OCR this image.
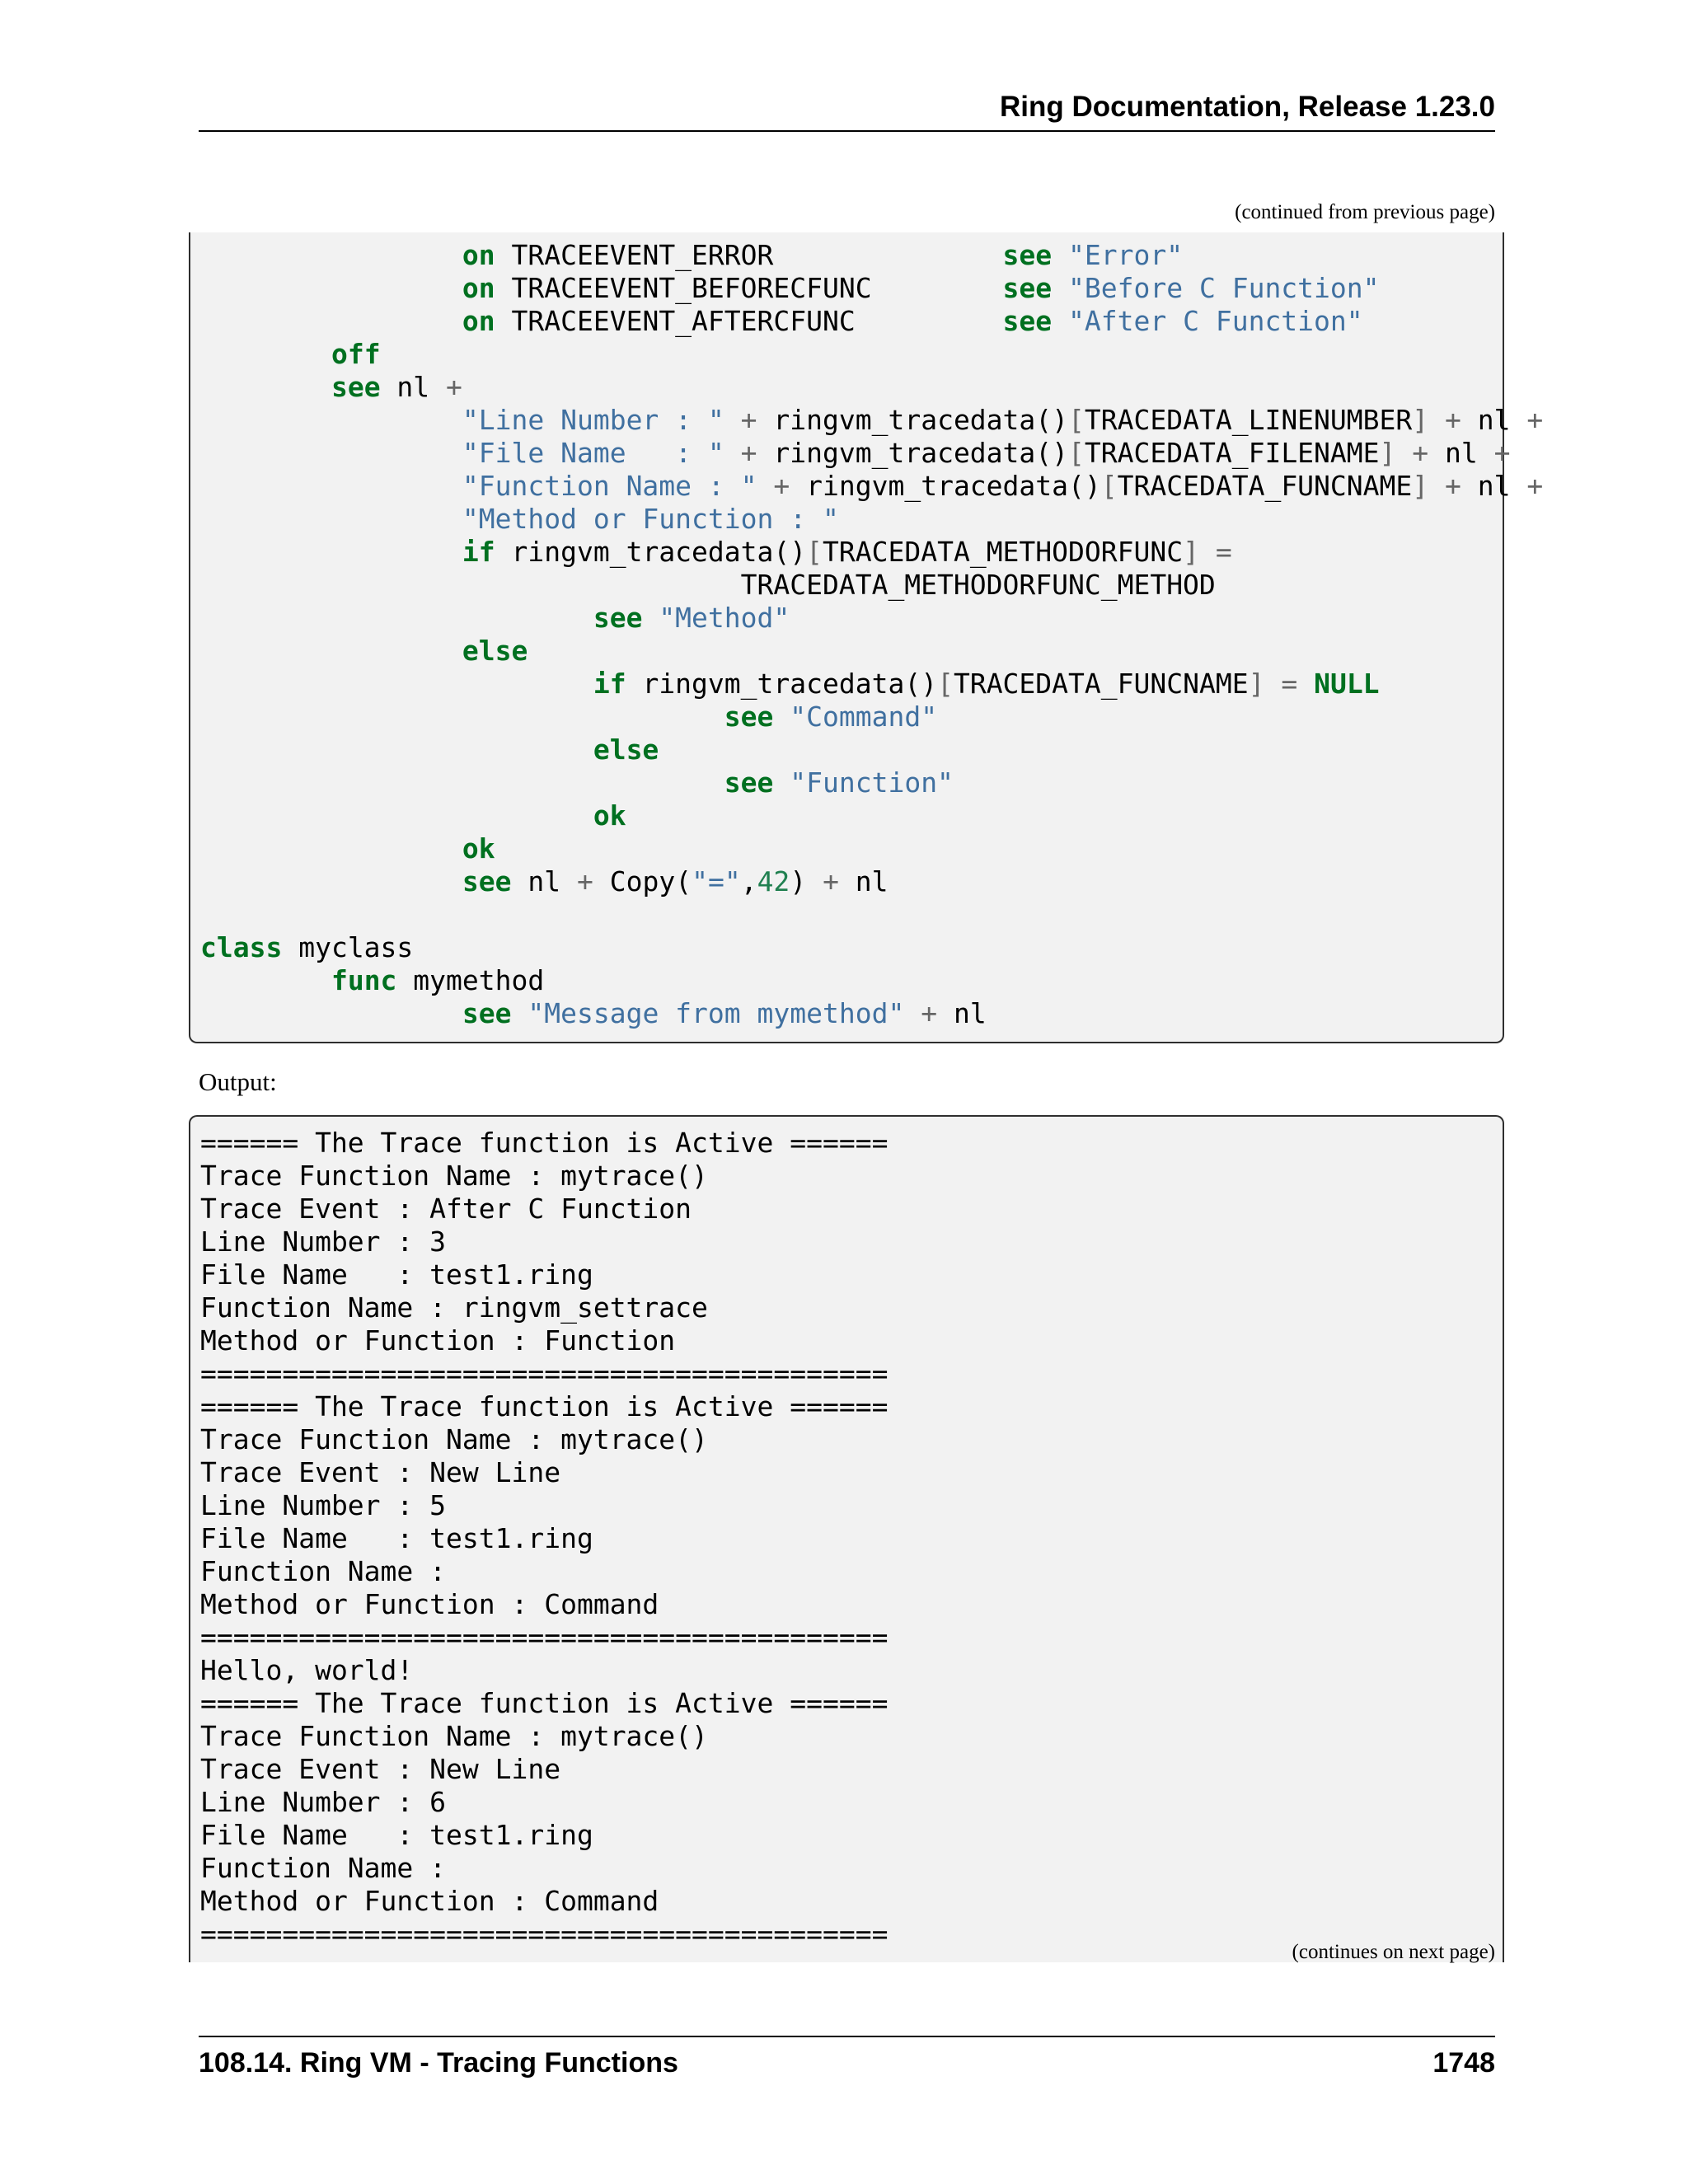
Ring Documentation, Release 1.23.0
(continued from previous page)
on TRACEEVENT_ERROR              see "Error"
on TRACEEVENT_BEFORECFUNC        see "Before C Function"
on TRACEEVENT_AFTERCFUNC         see "After C Function"
off
see nl +
"Line Number : " + ringvm_tracedata()[TRACEDATA_LINENUMBER] + nl +
"File Name   : " + ringvm_tracedata()[TRACEDATA_FILENAME] + nl +
"Function Name : " + ringvm_tracedata()[TRACEDATA_FUNCNAME] + nl +
"Method or Function : "
if ringvm_tracedata()[TRACEDATA_METHODORFUNC] =
TRACEDATA_METHODORFUNC_METHOD
see "Method"
else
if ringvm_tracedata()[TRACEDATA_FUNCNAME] = NULL
see "Command"
else
see "Function"
ok
ok
see nl + Copy("=",42) + nl
class myclass
func mymethod
see "Message from mymethod" + nl
Output:
====== The Trace function is Active ======
Trace Function Name : mytrace()
Trace Event : After C Function
Line Number : 3
File Name   : test1.ring
Function Name : ringvm_settrace
Method or Function : Function
==========================================
====== The Trace function is Active ======
Trace Function Name : mytrace()
Trace Event : New Line
Line Number : 5
File Name   : test1.ring
Function Name :
Method or Function : Command
==========================================
Hello, world!
====== The Trace function is Active ======
Trace Function Name : mytrace()
Trace Event : New Line
Line Number : 6
File Name   : test1.ring
Function Name :
Method or Function : Command
==========================================
(continues on next page)
108.14. Ring VM - Tracing Functions	1748
